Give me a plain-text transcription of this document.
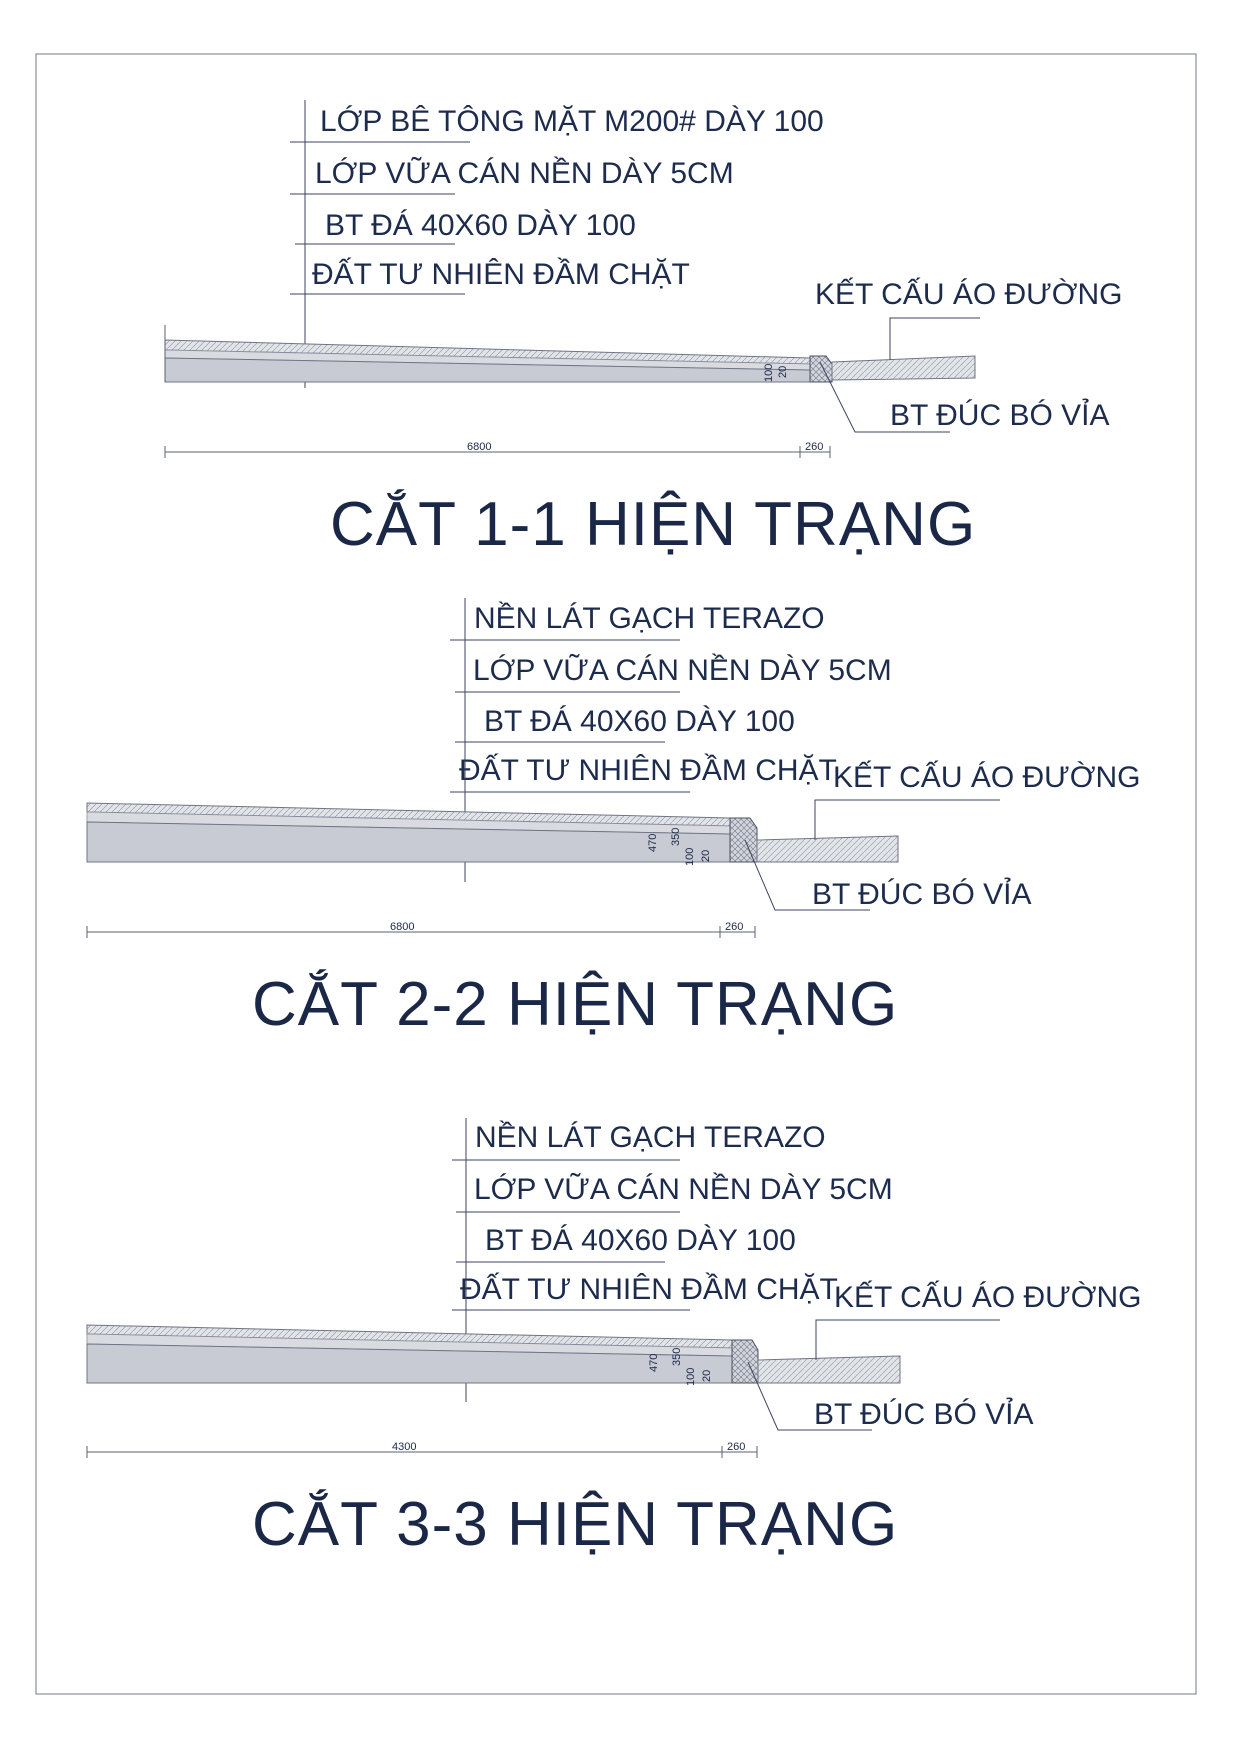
LỚP BÊ TÔNG MẶT M200# DÀY 100
LỚP VỮA CÁN NỀN DÀY 5CM
BT ĐÁ 40X60 DÀY 100
ĐẤT TƯ NHIÊN ĐẦM CHẶT
100 20
KẾT CẤU ÁO ĐƯỜNG
BT ĐÚC BÓ VỈA
6800	260
CẮT 1-1 HIỆN TRẠNG
NỀN LÁT GẠCH TERAZO
LỚP VỮA CÁN NỀN DÀY 5CM
BT ĐÁ 40X60 DÀY 100
ĐẤT TƯ NHIÊN ĐẦM CHẶT
470 350
100 20
KẾT CẤU ÁO ĐƯỜNG
BT ĐÚC BÓ VỈA
6800	260
CẮT 2-2 HIỆN TRẠNG
NỀN LÁT GẠCH TERAZO
LỚP VỮA CÁN NỀN DÀY 5CM
BT ĐÁ 40X60 DÀY 100
ĐẤT TƯ NHIÊN ĐẦM CHẶT
470 350
100 20
KẾT CẤU ÁO ĐƯỜNG
BT ĐÚC BÓ VỈA
4300	260
CẮT 3-3 HIỆN TRẠNG
